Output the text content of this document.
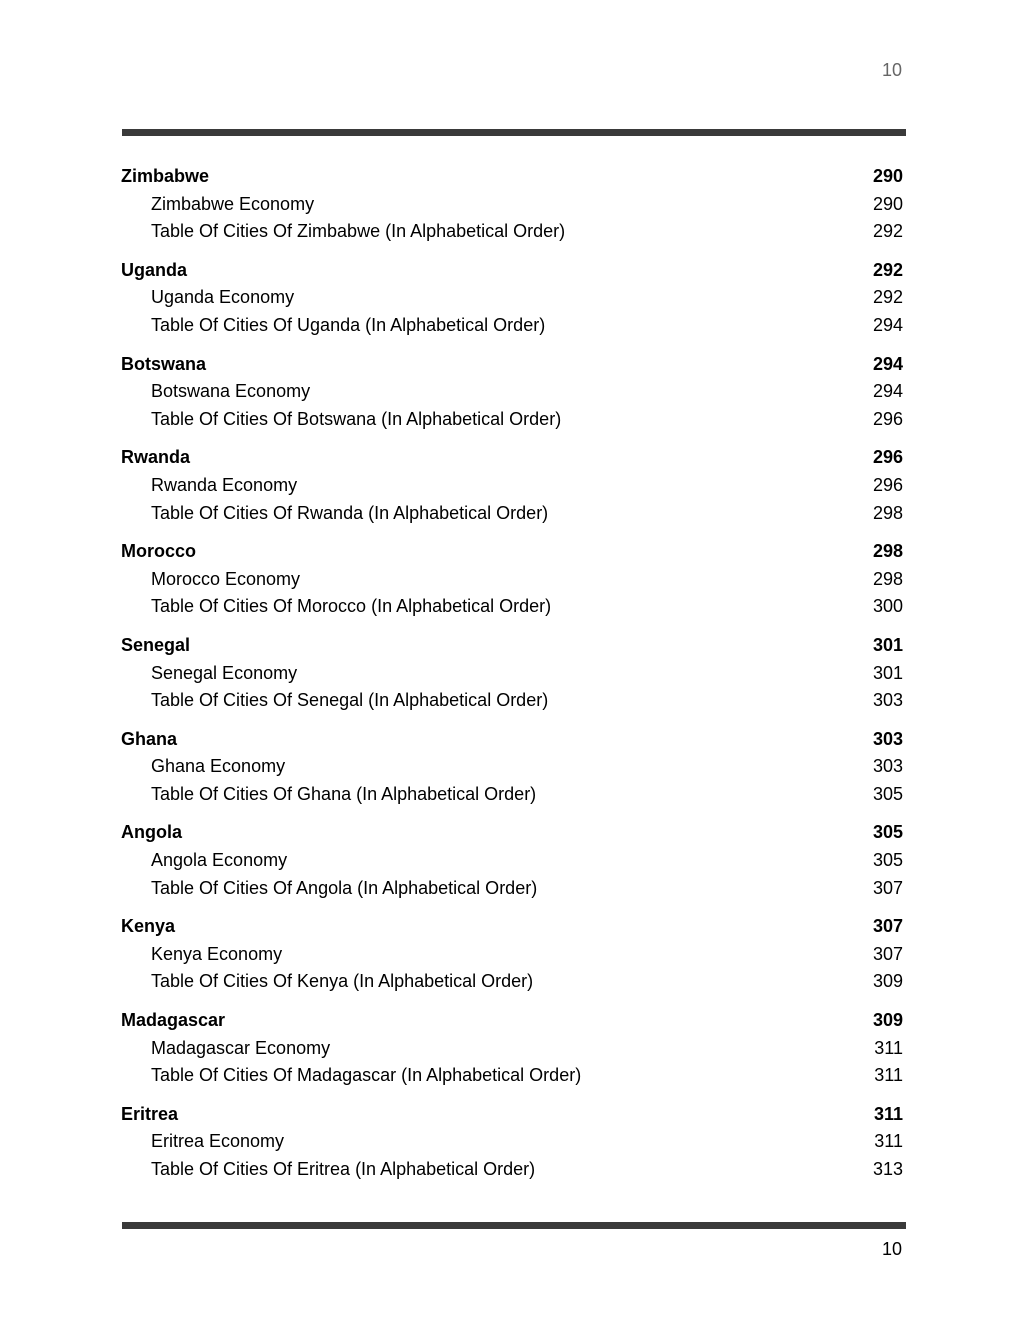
10
Zimbabwe	290
Zimbabwe Economy	290
Table Of Cities Of Zimbabwe (In Alphabetical Order)	292
Uganda	292
Uganda Economy	292
Table Of Cities Of Uganda (In Alphabetical Order)	294
Botswana	294
Botswana Economy	294
Table Of Cities Of Botswana (In Alphabetical Order)	296
Rwanda	296
Rwanda Economy	296
Table Of Cities Of Rwanda (In Alphabetical Order)	298
Morocco	298
Morocco Economy	298
Table Of Cities Of Morocco (In Alphabetical Order)	300
Senegal	301
Senegal Economy	301
Table Of Cities Of Senegal (In Alphabetical Order)	303
Ghana	303
Ghana Economy	303
Table Of Cities Of Ghana (In Alphabetical Order)	305
Angola	305
Angola Economy	305
Table Of Cities Of Angola (In Alphabetical Order)	307
Kenya	307
Kenya Economy	307
Table Of Cities Of Kenya (In Alphabetical Order)	309
Madagascar	309
Madagascar Economy	311
Table Of Cities Of Madagascar (In Alphabetical Order)	311
Eritrea	311
Eritrea Economy	311
Table Of Cities Of Eritrea (In Alphabetical Order)	313
10
